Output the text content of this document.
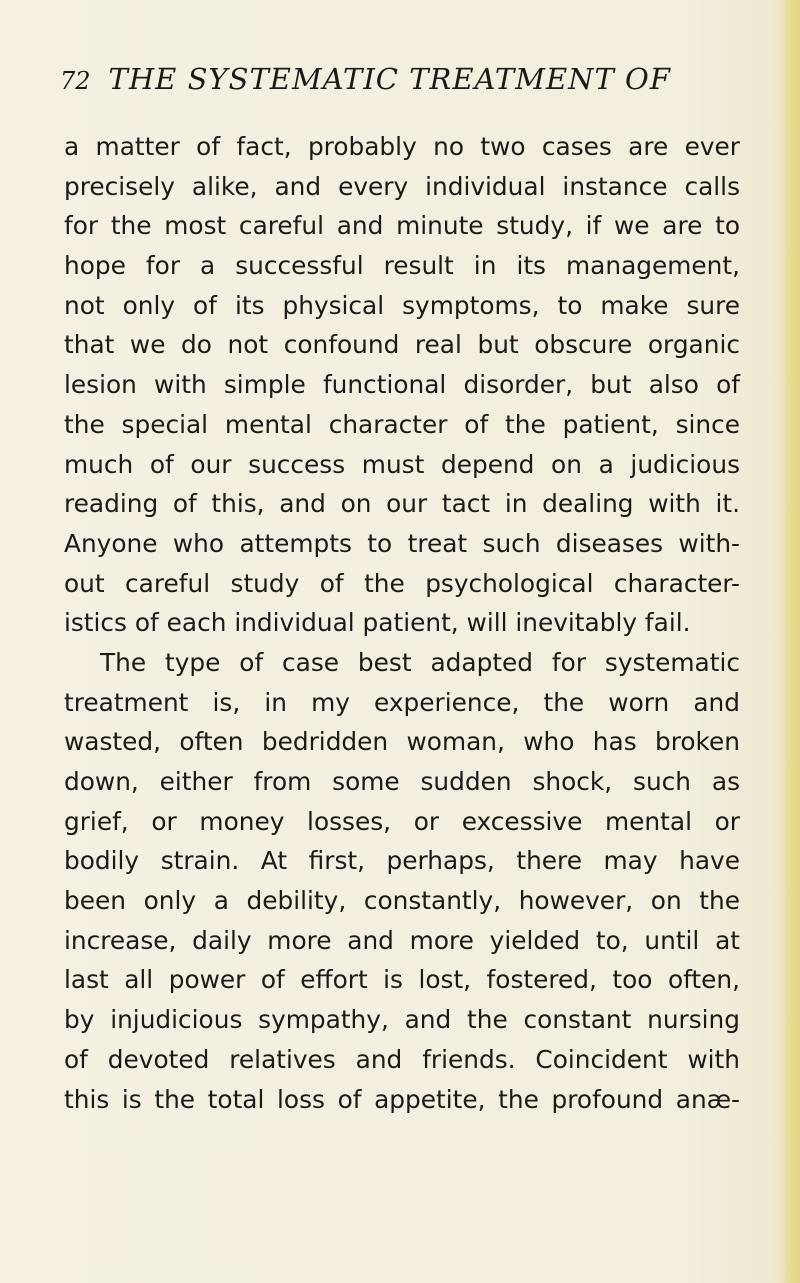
72 THE SYSTEMATIC TREATMENT OF
a matter of fact, probably no two cases are ever
precisely alike, and every individual instance calls
for the most careful and minute study, if we are to
hope for a successful result in its management,
not only of its physical symptoms, to make sure
that we do not confound real but obscure organic
lesion with simple functional disorder, but also of
the special mental character of the patient, since
much of our success must depend on a judicious
reading of this, and on our tact in dealing with it.
Anyone who attempts to treat such diseases with-
out careful study of the psychological character-
istics of each individual patient, will inevitably fail.
The type of case best adapted for systematic
treatment is, in my experience, the worn and
wasted, often bedridden woman, who has broken
down, either from some sudden shock, such as
grief, or money losses, or excessive mental or
bodily strain. At first, perhaps, there may have
been only a debility, constantly, however, on the
increase, daily more and more yielded to, until at
last all power of effort is lost, fostered, too often,
by injudicious sympathy, and the constant nursing
of devoted relatives and friends. Coincident with
this is the total loss of appetite, the profound anæ-
